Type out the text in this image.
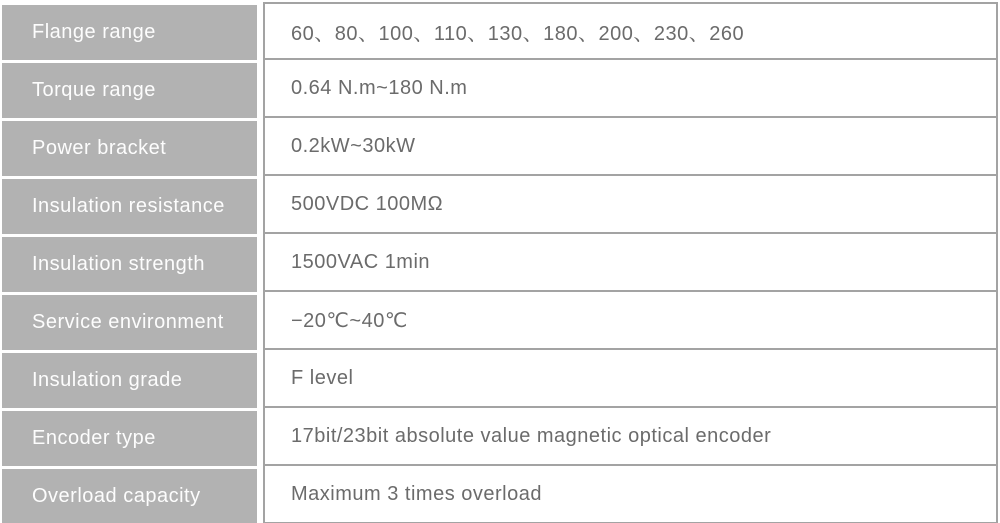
Flange range	60、80、100、110、130、180、200、230、260
Torque range	0.64 N.m~180 N.m
Power bracket	0.2kW~30kW
Insulation resistance	500VDC 100MΩ
Insulation strength	1500VAC 1min
Service environment	−20℃~40℃
Insulation grade	F level
Encoder type	17bit/23bit absolute value magnetic optical encoder
Overload capacity	Maximum 3 times overload
